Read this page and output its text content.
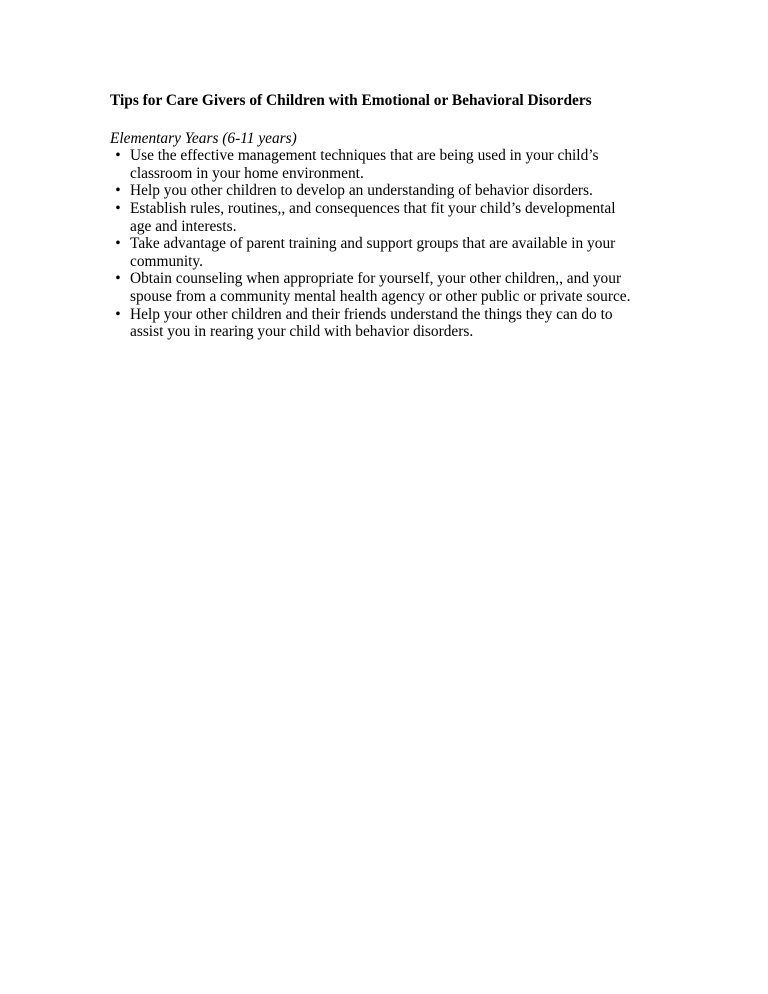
Tips for Care Givers of Children with Emotional or Behavioral Disorders

Elementary Years (6-11 years)

• Use the effective management techniques that are being used in your child’s
classroom in your home environment.
• Help you other children to develop an understanding of behavior disorders.
• Establish rules, routines,, and consequences that fit your child’s developmental
age and interests.
• Take advantage of parent training and support groups that are available in your
community.
• Obtain counseling when appropriate for yourself, your other children,, and your
spouse from a community mental health agency or other public or private source.
• Help your other children and their friends understand the things they can do to
assist you in rearing your child with behavior disorders.
